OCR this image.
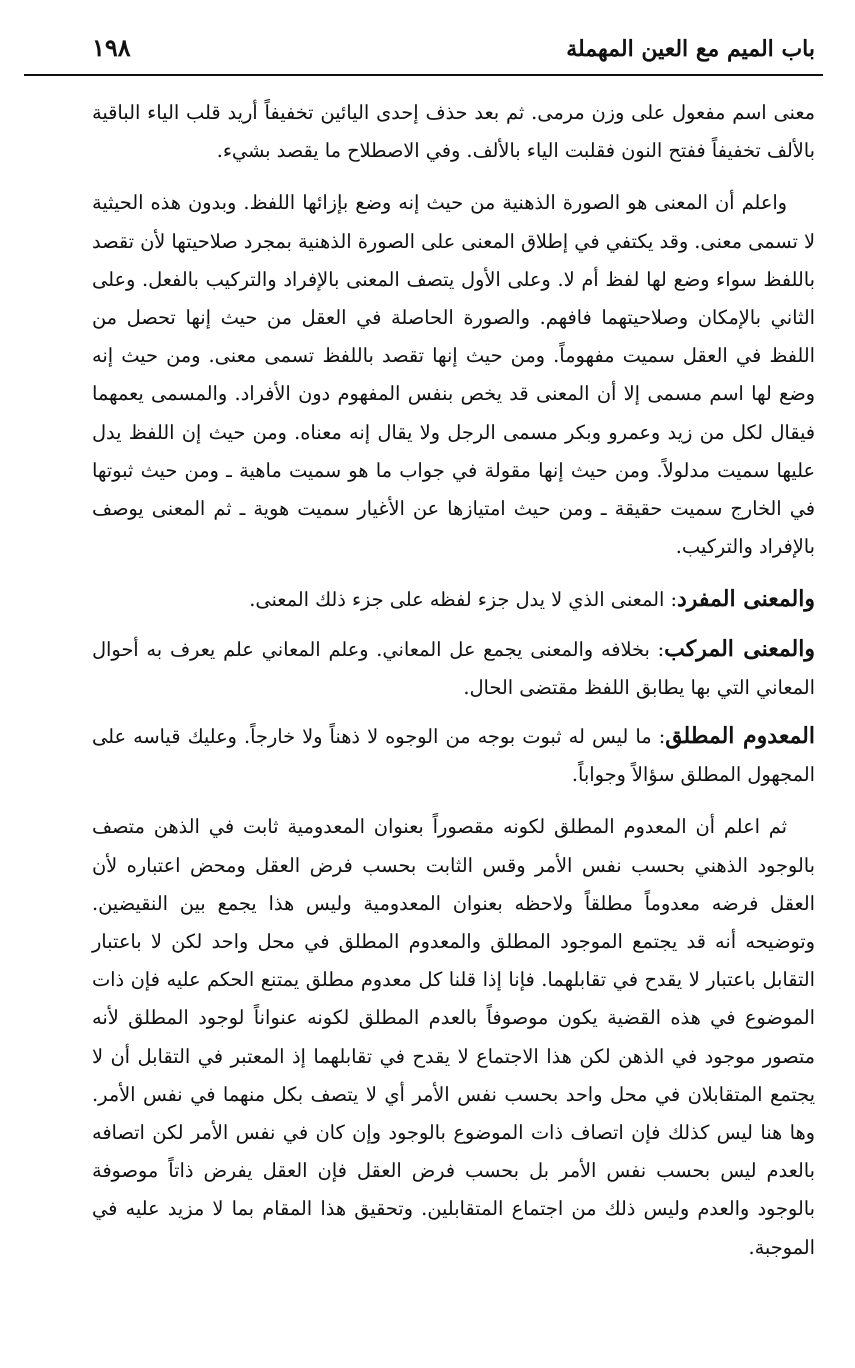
باب الميم مع العين المهملة
١٩٨

معنى اسم مفعول على وزن مرمى. ثم بعد حذف إحدى اليائين تخفيفاً أريد قلب الياء الباقية بالألف تخفيفاً ففتح النون فقلبت الياء بالألف. وفي الاصطلاح ما يقصد بشيء.

واعلم أن المعنى هو الصورة الذهنية من حيث إنه وضع بإزائها اللفظ. وبدون هذه الحيثية لا تسمى معنى. وقد يكتفي في إطلاق المعنى على الصورة الذهنية بمجرد صلاحيتها لأن تقصد باللفظ سواء وضع لها لفظ أم لا. وعلى الأول يتصف المعنى بالإفراد والتركيب بالفعل. وعلى الثاني بالإمكان وصلاحيتهما فافهم. والصورة الحاصلة في العقل من حيث إنها تحصل من اللفظ في العقل سميت مفهوماً. ومن حيث إنها تقصد باللفظ تسمى معنى. ومن حيث إنه وضع لها اسم مسمى إلا أن المعنى قد يخص بنفس المفهوم دون الأفراد. والمسمى يعمهما فيقال لكل من زيد وعمرو وبكر مسمى الرجل ولا يقال إنه معناه. ومن حيث إن اللفظ يدل عليها سميت مدلولاً. ومن حيث إنها مقولة في جواب ما هو سميت ماهية ـ ومن حيث ثبوتها في الخارج سميت حقيقة ـ ومن حيث امتيازها عن الأغيار سميت هوية ـ ثم المعنى يوصف بالإفراد والتركيب.

والمعنى المفرد: المعنى الذي لا يدل جزء لفظه على جزء ذلك المعنى.

والمعنى المركب: بخلافه والمعنى يجمع عل المعاني. وعلم المعاني علم يعرف به أحوال المعاني التي بها يطابق اللفظ مقتضى الحال.

المعدوم المطلق: ما ليس له ثبوت بوجه من الوجوه لا ذهناً ولا خارجاً. وعليك قياسه على المجهول المطلق سؤالاً وجواباً.

ثم اعلم أن المعدوم المطلق لكونه مقصوراً بعنوان المعدومية ثابت في الذهن متصف بالوجود الذهني بحسب نفس الأمر وقس الثابت بحسب فرض العقل ومحض اعتباره لأن العقل فرضه معدوماً مطلقاً ولاحظه بعنوان المعدومية وليس هذا يجمع بين النقيضين. وتوضيحه أنه قد يجتمع الموجود المطلق والمعدوم المطلق في محل واحد لكن لا باعتبار التقابل باعتبار لا يقدح في تقابلهما. فإنا إذا قلنا كل معدوم مطلق يمتنع الحكم عليه فإن ذات الموضوع في هذه القضية يكون موصوفاً بالعدم المطلق لكونه عنواناً لوجود المطلق لأنه متصور موجود في الذهن لكن هذا الاجتماع لا يقدح في تقابلهما إذ المعتبر في التقابل أن لا يجتمع المتقابلان في محل واحد بحسب نفس الأمر أي لا يتصف بكل منهما في نفس الأمر. وها هنا ليس كذلك فإن اتصاف ذات الموضوع بالوجود وإن كان في نفس الأمر لكن اتصافه بالعدم ليس بحسب نفس الأمر بل بحسب فرض العقل فإن العقل يفرض ذاتاً موصوفة بالوجود والعدم وليس ذلك من اجتماع المتقابلين. وتحقيق هذا المقام بما لا مزيد عليه في الموجبة.
